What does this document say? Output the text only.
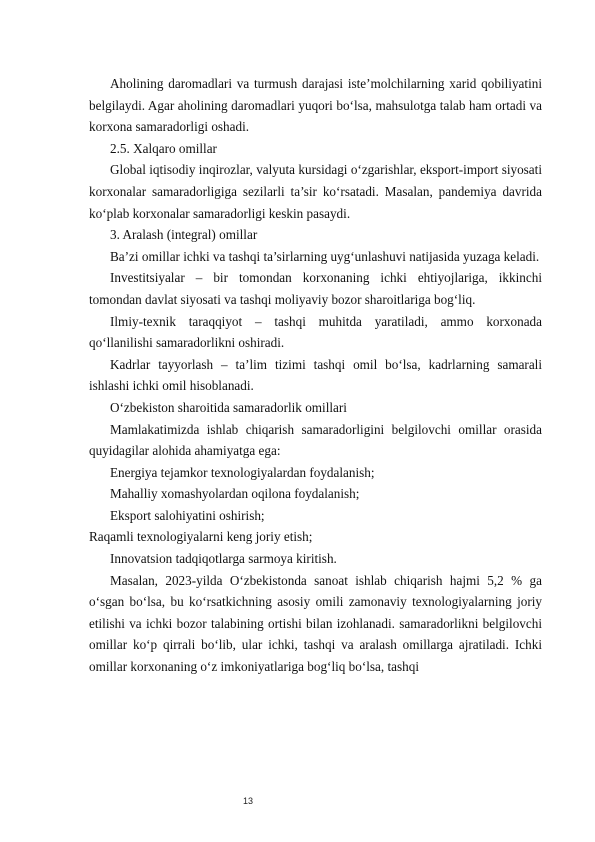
Aholining daromadlari va turmush darajasi iste’molchilarning xarid qobiliyatini belgilaydi. Agar aholining daromadlari yuqori bo‘lsa, mahsulotga talab ham ortadi va korxona samaradorligi oshadi.

2.5. Xalqaro omillar

Global iqtisodiy inqirozlar, valyuta kursidagi o‘zgarishlar, eksport-import siyosati korxonalar samaradorligiga sezilarli ta’sir ko‘rsatadi. Masalan, pandemiya davrida ko‘plab korxonalar samaradorligi keskin pasaydi.

3. Aralash (integral) omillar

Ba’zi omillar ichki va tashqi ta’sirlarning uyg‘unlashuvi natijasida yuzaga keladi.

Investitsiyalar – bir tomondan korxonaning ichki ehtiyojlariga, ikkinchi tomondan davlat siyosati va tashqi moliyaviy bozor sharoitlariga bog‘liq.

Ilmiy-texnik taraqqiyot – tashqi muhitda yaratiladi, ammo korxonada qo‘llanilishi samaradorlikni oshiradi.

Kadrlar tayyorlash – ta’lim tizimi tashqi omil bo‘lsa, kadrlarning samarali ishlashi ichki omil hisoblanadi.

O‘zbekiston sharoitida samaradorlik omillari

Mamlakatimizda ishlab chiqarish samaradorligini belgilovchi omillar orasida quyidagilar alohida ahamiyatga ega:

Energiya tejamkor texnologiyalardan foydalanish;

Mahalliy xomashyolardan oqilona foydalanish;

Eksport salohiyatini oshirish;

Raqamli texnologiyalarni keng joriy etish;

Innovatsion tadqiqotlarga sarmoya kiritish.

Masalan, 2023-yilda O‘zbekistonda sanoat ishlab chiqarish hajmi 5,2 % ga o‘sgan bo‘lsa, bu ko‘rsatkichning asosiy omili zamonaviy texnologiyalarning joriy etilishi va ichki bozor talabining ortishi bilan izohlanadi. samaradorlikni belgilovchi omillar ko‘p qirrali bo‘lib, ular ichki, tashqi va aralash omillarga ajratiladi. Ichki omillar korxonaning o‘z imkoniyatlariga bog‘liq bo‘lsa, tashqi

13
